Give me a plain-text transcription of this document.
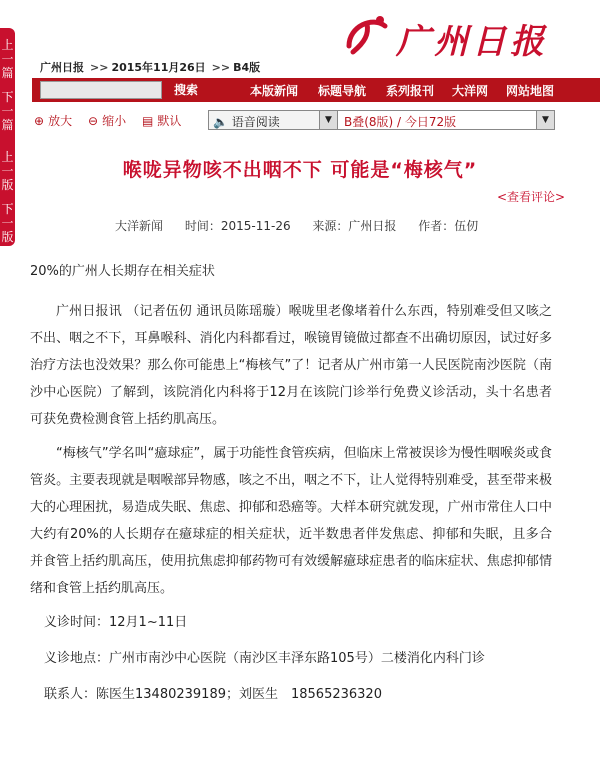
上
一
篇
下
一
篇
上
一
版
下
一
版
广州日报
广州日报 >> 2015年11月26日 >> B4版
搜索	本版新闻 标题导航 系列报刊 大洋网 网站地图
⊕ 放大 ⊖ 缩小 ▤ 默认	🔈 语音阅读	▼	B叠(8版) / 今日72版	▼
喉咙异物咳不出咽不下 可能是“梅核气”
<查看评论>
大洋新闻 时间：2015-11-26 来源：广州日报 作者：伍仞

20%的广州人长期存在相关症状

广州日报讯 （记者伍仞 通讯员陈瑶璇）喉咙里老像堵着什么东西，特别难受但又咳之不出、咽之不下，耳鼻喉科、消化内科都看过，喉镜胃镜做过都查不出确切原因，试过好多治疗方法也没效果？那么你可能患上“梅核气”了！记者从广州市第一人民医院南沙医院（南沙中心医院）了解到，该院消化内科将于12月在该院门诊举行免费义诊活动，头十名患者可获免费检测食管上括约肌高压。

“梅核气”学名叫“癔球症”，属于功能性食管疾病，但临床上常被误诊为慢性咽喉炎或食管炎。主要表现就是咽喉部异物感，咳之不出，咽之不下，让人觉得特别难受，甚至带来极大的心理困扰，易造成失眠、焦虑、抑郁和恐癌等。大样本研究就发现，广州市常住人口中大约有20%的人长期存在癔球症的相关症状，近半数患者伴发焦虑、抑郁和失眠，且多合并食管上括约肌高压，使用抗焦虑抑郁药物可有效缓解癔球症患者的临床症状、焦虑抑郁情绪和食管上括约肌高压。

义诊时间：12月1~11日

义诊地点：广州市南沙中心医院（南沙区丰泽东路105号）二楼消化内科门诊

联系人：陈医生13480239189；刘医生　18565236320
